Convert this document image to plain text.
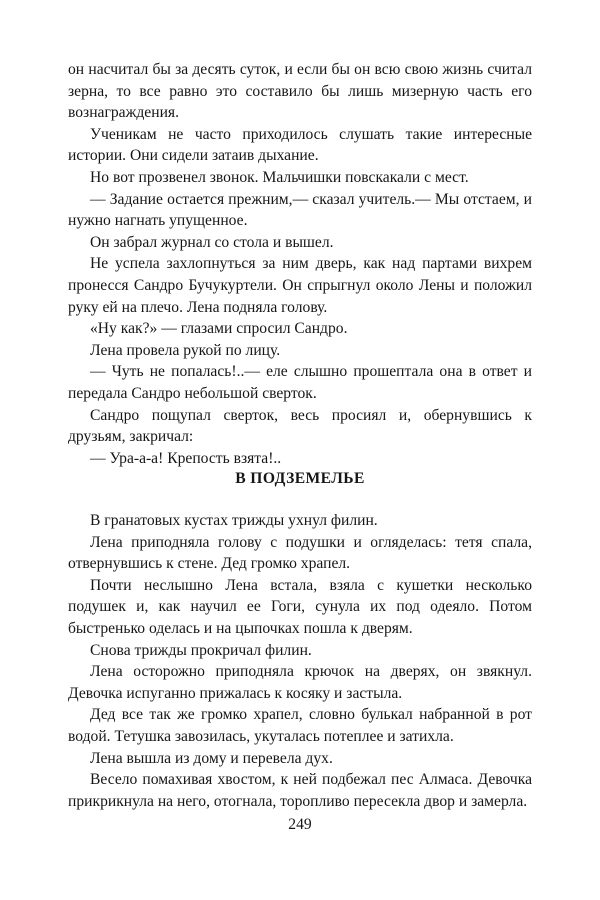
он насчитал бы за десять суток, и если бы он всю свою жизнь считал зерна, то все равно это составило бы лишь мизерную часть его вознаграждения.

Ученикам не часто приходилось слушать такие интересные истории. Они сидели затаив дыхание.

Но вот прозвенел звонок. Мальчишки повскакали с мест.

— Задание остается прежним,— сказал учитель.— Мы отстаем, и нужно нагнать упущенное.

Он забрал журнал со стола и вышел.

Не успела захлопнуться за ним дверь, как над партами вихрем пронесся Сандро Бучукуртели. Он спрыгнул около Лены и положил руку ей на плечо. Лена подняла голову.

«Ну как?» — глазами спросил Сандро.

Лена провела рукой по лицу.

— Чуть не попалась!..— еле слышно прошептала она в ответ и передала Сандро небольшой сверток.

Сандро пощупал сверток, весь просиял и, обернувшись к друзьям, закричал:

— Ура-а-а! Крепость взята!..

В ПОДЗЕМЕЛЬЕ

В гранатовых кустах трижды ухнул филин.

Лена приподняла голову с подушки и огляделась: тетя спала, отвернувшись к стене. Дед громко храпел.

Почти неслышно Лена встала, взяла с кушетки несколько подушек и, как научил ее Гоги, сунула их под одеяло. Потом быстренько оделась и на цыпочках пошла к дверям.

Снова трижды прокричал филин.

Лена осторожно приподняла крючок на дверях, он звякнул. Девочка испуганно прижалась к косяку и застыла.

Дед все так же громко храпел, словно булькал набранной в рот водой. Тетушка завозилась, укуталась потеплее и затихла.

Лена вышла из дому и перевела дух.

Весело помахивая хвостом, к ней подбежал пес Алмаса. Девочка прикрикнула на него, отогнала, торопливо пересекла двор и замерла.

249
